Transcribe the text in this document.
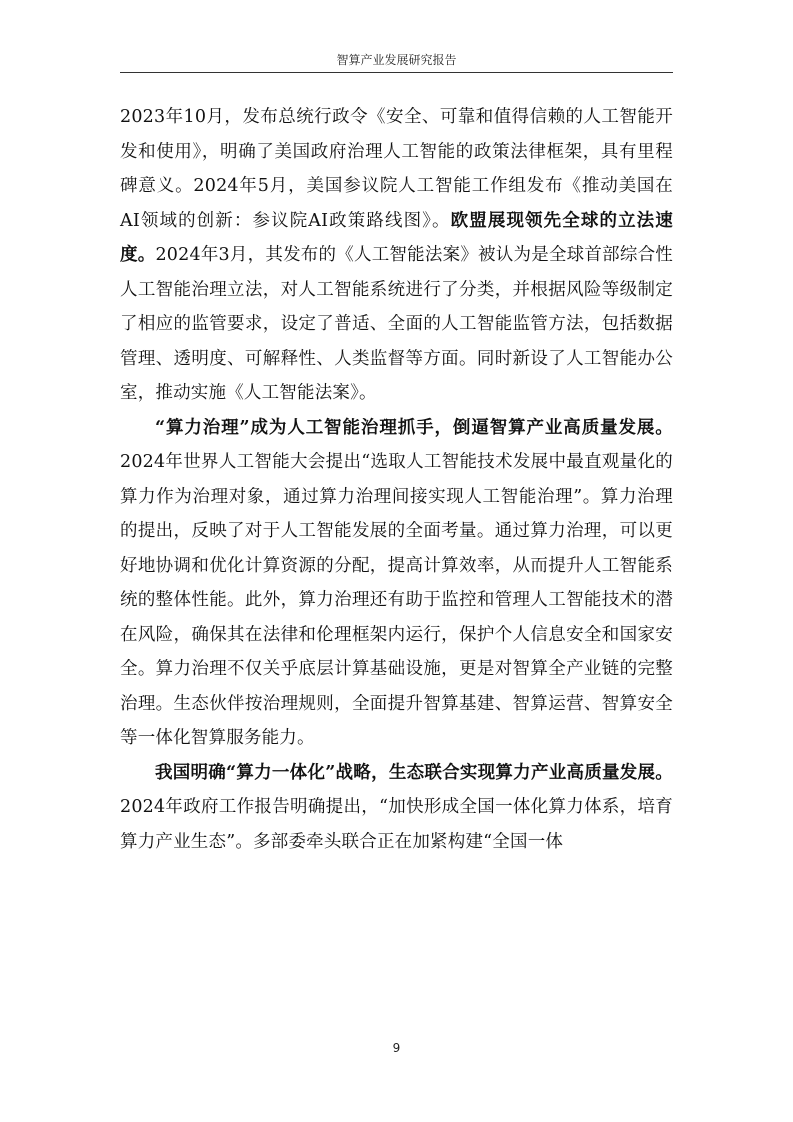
智算产业发展研究报告

2023年10月，发布总统行政令《安全、可靠和值得信赖的人工智能开发和使用》，明确了美国政府治理人工智能的政策法律框架，具有里程碑意义。2024年5月，美国参议院人工智能工作组发布《推动美国在AI领域的创新：参议院AI政策路线图》。欧盟展现领先全球的立法速度。2024年3月，其发布的《人工智能法案》被认为是全球首部综合性人工智能治理立法，对人工智能系统进行了分类，并根据风险等级制定了相应的监管要求，设定了普适、全面的人工智能监管方法，包括数据管理、透明度、可解释性、人类监督等方面。同时新设了人工智能办公室，推动实施《人工智能法案》。

“算力治理”成为人工智能治理抓手，倒逼智算产业高质量发展。2024年世界人工智能大会提出“选取人工智能技术发展中最直观量化的算力作为治理对象，通过算力治理间接实现人工智能治理”。算力治理的提出，反映了对于人工智能发展的全面考量。通过算力治理，可以更好地协调和优化计算资源的分配，提高计算效率，从而提升人工智能系统的整体性能。此外，算力治理还有助于监控和管理人工智能技术的潜在风险，确保其在法律和伦理框架内运行，保护个人信息安全和国家安全。算力治理不仅关乎底层计算基础设施，更是对智算全产业链的完整治理。生态伙伴按治理规则，全面提升智算基建、智算运营、智算安全等一体化智算服务能力。

我国明确“算力一体化”战略，生态联合实现算力产业高质量发展。2024年政府工作报告明确提出，“加快形成全国一体化算力体系，培育算力产业生态”。多部委牵头联合正在加紧构建“全国一体

9
